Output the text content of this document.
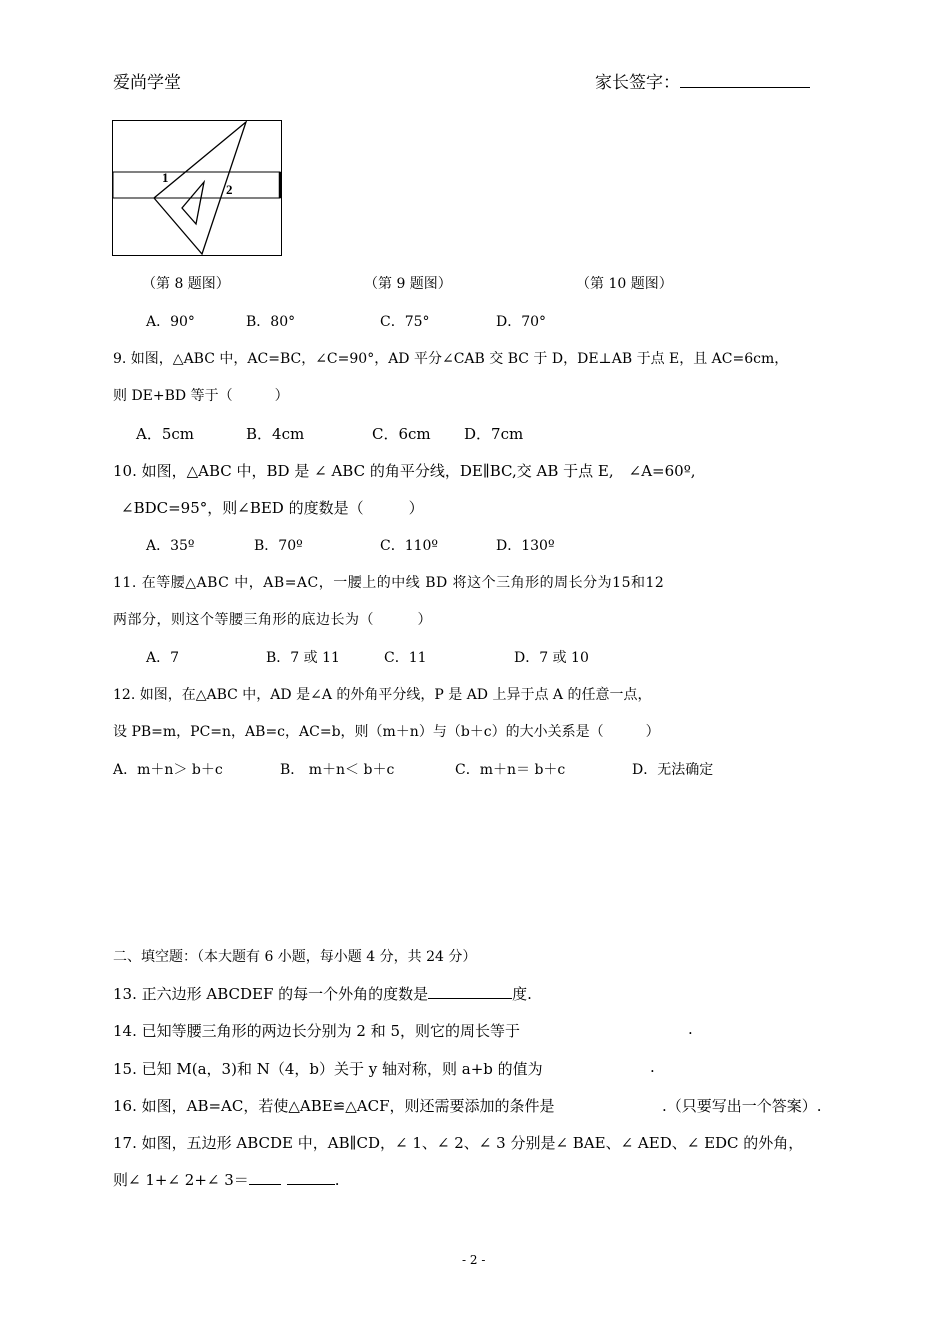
爱尚学堂	家长签字：
1
2
（第 8 题图）	（第 9 题图）	（第 10 题图）
A．90°	B．80°	C．75°	D．70°
9. 如图，△ABC 中，AC=BC，∠C=90°，AD 平分∠CAB 交 BC 于 D，DE⊥AB 于点 E，且 AC=6cm，
则 DE+BD 等于（　　　）
A．5cm	B．4cm	C．6cm D．7cm
10. 如图，△ABC 中，BD 是 ∠ ABC 的角平分线，DE∥BC,交 AB 于点 E,　∠A=60º,
∠BDC=95°，则∠BED 的度数是（　　　）
A．35º	B．70º	C．110º	D．130º
11. 在等腰△ABC 中，AB=AC，一腰上的中线 BD 将这个三角形的周长分为15和12
两部分，则这个等腰三角形的底边长为（　　　）
A．7	B．7 或 11	C．11	D．7 或 10
12. 如图，在△ABC 中，AD 是∠A 的外角平分线，P 是 AD 上异于点 A 的任意一点，
设 PB=m，PC=n，AB=c，AC=b，则（m＋n）与（b＋c）的大小关系是（　　　）
A．m＋n＞ b＋c	B． m＋n＜ b＋c	C．m＋n＝ b＋c	D．无法确定
二、填空题：（本大题有 6 小题，每小题 4 分，共 24 分）
13. 正六边形 ABCDEF 的每一个外角的度数是	度.
14. 已知等腰三角形的两边长分别为 2 和 5，则它的周长等于	.
15. 已知 M(a，3)和 N（4，b）关于 y 轴对称，则 a+b 的值为	.
16. 如图，AB=AC，若使△ABE≌△ACF，则还需要添加的条件是	.（只要写出一个答案）.
17. 如图，五边形 ABCDE 中，AB∥CD，∠ 1、∠ 2、∠ 3 分别是∠ BAE、∠ AED、∠ EDC 的外角，
则∠ 1+∠ 2+∠ 3＝	.
- 2 -
